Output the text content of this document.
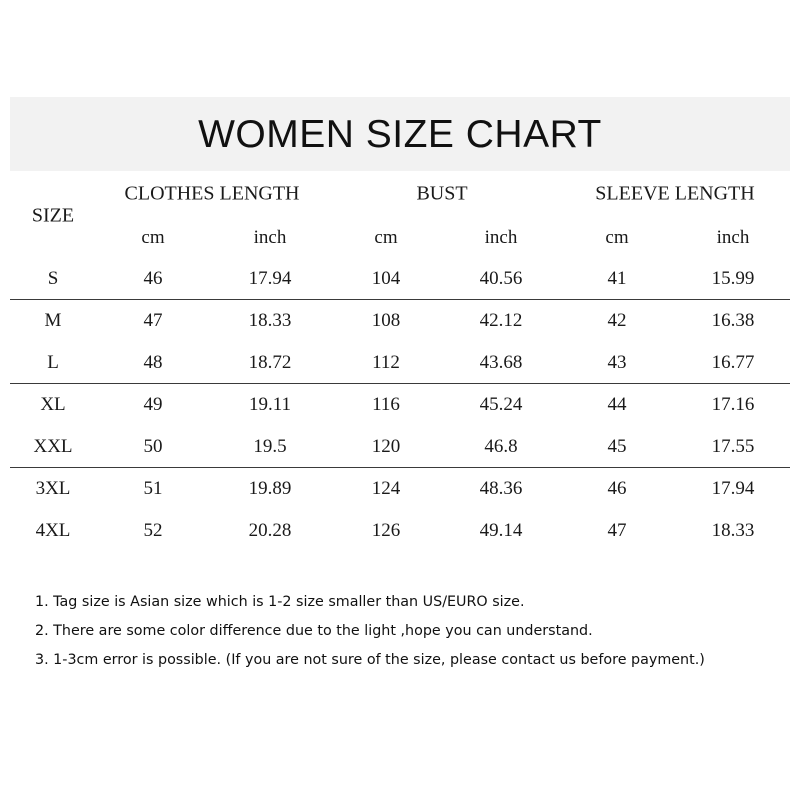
WOMEN SIZE CHART
SIZE
CLOTHES LENGTH	BUST	SLEEVE LENGTH
cm	inch	cm	inch	cm	inch
S	46	17.94	104	40.56	41	15.99
M	47	18.33	108	42.12	42	16.38
L	48	18.72	112	43.68	43	16.77
XL	49	19.11	116	45.24	44	17.16
XXL	50	19.5	120	46.8	45	17.55
3XL	51	19.89	124	48.36	46	17.94
4XL	52	20.28	126	49.14	47	18.33
1. Tag size is Asian size which is 1-2 size smaller than US/EURO size.
2. There are some color difference due to the light ,hope you can understand.
3. 1-3cm error is possible. (If you are not sure of the size, please contact us before payment.)
